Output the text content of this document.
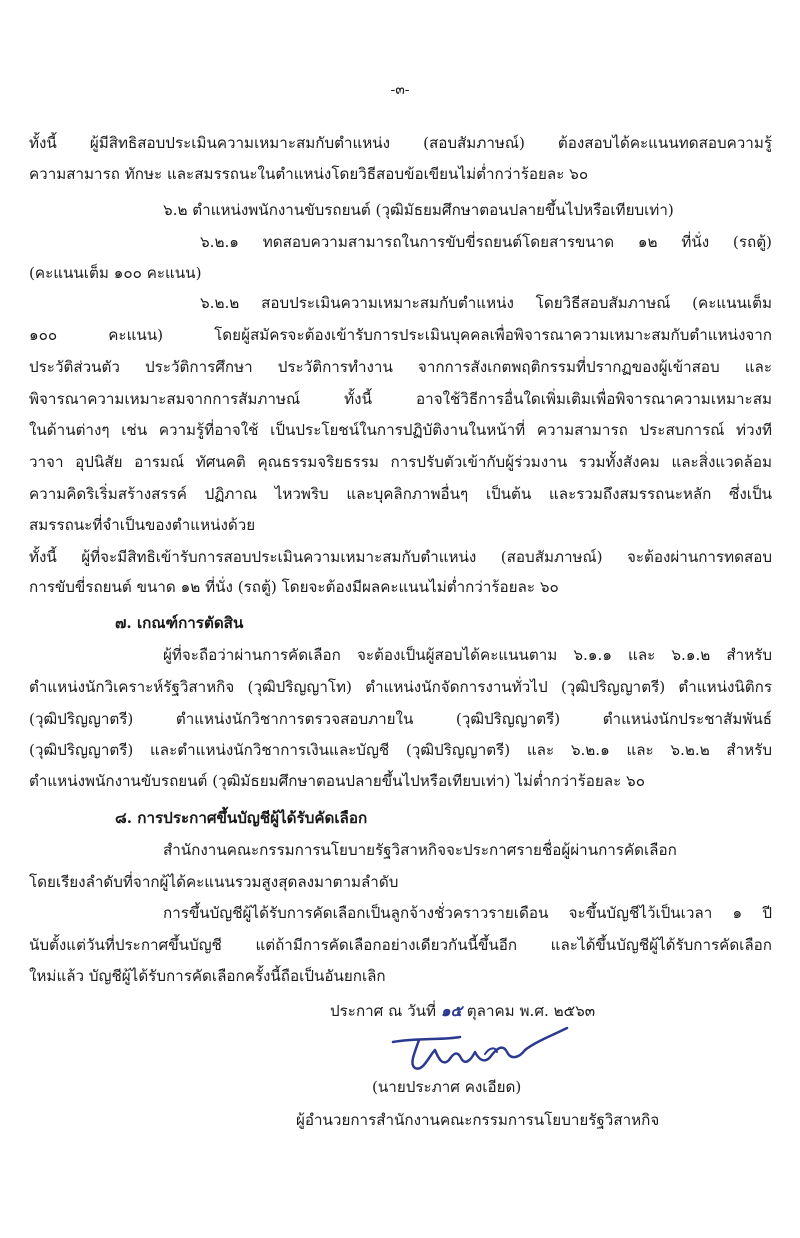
-๓-
ทั้งนี้ ผู้มีสิทธิสอบประเมินความเหมาะสมกับตำแหน่ง (สอบสัมภาษณ์) ต้องสอบได้คะแนนทดสอบความรู้
ความสามารถ ทักษะ และสมรรถนะในตำแหน่งโดยวิธีสอบข้อเขียนไม่ต่ำกว่าร้อยละ ๖๐
๖.๒ ตำแหน่งพนักงานขับรถยนต์ (วุฒิมัธยมศึกษาตอนปลายขึ้นไปหรือเทียบเท่า)
๖.๒.๑ ทดสอบความสามารถในการขับขี่รถยนต์โดยสารขนาด ๑๒ ที่นั่ง (รถตู้)
(คะแนนเต็ม ๑๐๐ คะแนน)
๖.๒.๒ สอบประเมินความเหมาะสมกับตำแหน่ง โดยวิธีสอบสัมภาษณ์ (คะแนนเต็ม
๑๐๐ คะแนน) โดยผู้สมัครจะต้องเข้ารับการประเมินบุคคลเพื่อพิจารณาความเหมาะสมกับตำแหน่งจาก
ประวัติส่วนตัว ประวัติการศึกษา ประวัติการทำงาน จากการสังเกตพฤติกรรมที่ปรากฏของผู้เข้าสอบ และ
พิจารณาความเหมาะสมจากการสัมภาษณ์ ทั้งนี้ อาจใช้วิธีการอื่นใดเพิ่มเติมเพื่อพิจารณาความเหมาะสม
ในด้านต่างๆ เช่น ความรู้ที่อาจใช้ เป็นประโยชน์ในการปฏิบัติงานในหน้าที่ ความสามารถ ประสบการณ์ ท่วงที
วาจา อุปนิสัย อารมณ์ ทัศนคติ คุณธรรมจริยธรรม การปรับตัวเข้ากับผู้ร่วมงาน รวมทั้งสังคม และสิ่งแวดล้อม
ความคิดริเริ่มสร้างสรรค์ ปฏิภาณ ไหวพริบ และบุคลิกภาพอื่นๆ เป็นต้น และรวมถึงสมรรถนะหลัก ซึ่งเป็น
สมรรถนะที่จำเป็นของตำแหน่งด้วย
ทั้งนี้ ผู้ที่จะมีสิทธิเข้ารับการสอบประเมินความเหมาะสมกับตำแหน่ง (สอบสัมภาษณ์) จะต้องผ่านการทดสอบ
การขับขี่รถยนต์ ขนาด ๑๒ ที่นั่ง (รถตู้) โดยจะต้องมีผลคะแนนไม่ต่ำกว่าร้อยละ ๖๐
๗. เกณฑ์การตัดสิน
ผู้ที่จะถือว่าผ่านการคัดเลือก จะต้องเป็นผู้สอบได้คะแนนตาม ๖.๑.๑ และ ๖.๑.๒ สำหรับ
ตำแหน่งนักวิเคราะห์รัฐวิสาหกิจ (วุฒิปริญญาโท) ตำแหน่งนักจัดการงานทั่วไป (วุฒิปริญญาตรี) ตำแหน่งนิติกร
(วุฒิปริญญาตรี) ตำแหน่งนักวิชาการตรวจสอบภายใน (วุฒิปริญญาตรี) ตำแหน่งนักประชาสัมพันธ์
(วุฒิปริญญาตรี) และตำแหน่งนักวิชาการเงินและบัญชี (วุฒิปริญญาตรี) และ ๖.๒.๑ และ ๖.๒.๒ สำหรับ
ตำแหน่งพนักงานขับรถยนต์ (วุฒิมัธยมศึกษาตอนปลายขึ้นไปหรือเทียบเท่า) ไม่ต่ำกว่าร้อยละ ๖๐
๘. การประกาศขึ้นบัญชีผู้ได้รับคัดเลือก
สำนักงานคณะกรรมการนโยบายรัฐวิสาหกิจจะประกาศรายชื่อผู้ผ่านการคัดเลือก
โดยเรียงลำดับที่จากผู้ได้คะแนนรวมสูงสุดลงมาตามลำดับ
การขึ้นบัญชีผู้ได้รับการคัดเลือกเป็นลูกจ้างชั่วคราวรายเดือน จะขึ้นบัญชีไว้เป็นเวลา ๑ ปี
นับตั้งแต่วันที่ประกาศขึ้นบัญชี แต่ถ้ามีการคัดเลือกอย่างเดียวกันนี้ขึ้นอีก และได้ขึ้นบัญชีผู้ได้รับการคัดเลือก
ใหม่แล้ว บัญชีผู้ได้รับการคัดเลือกครั้งนี้ถือเป็นอันยกเลิก
ประกาศ ณ วันที่ ๑๕ ตุลาคม พ.ศ. ๒๕๖๓
(นายประภาศ คงเอียด)
ผู้อำนวยการสำนักงานคณะกรรมการนโยบายรัฐวิสาหกิจ
